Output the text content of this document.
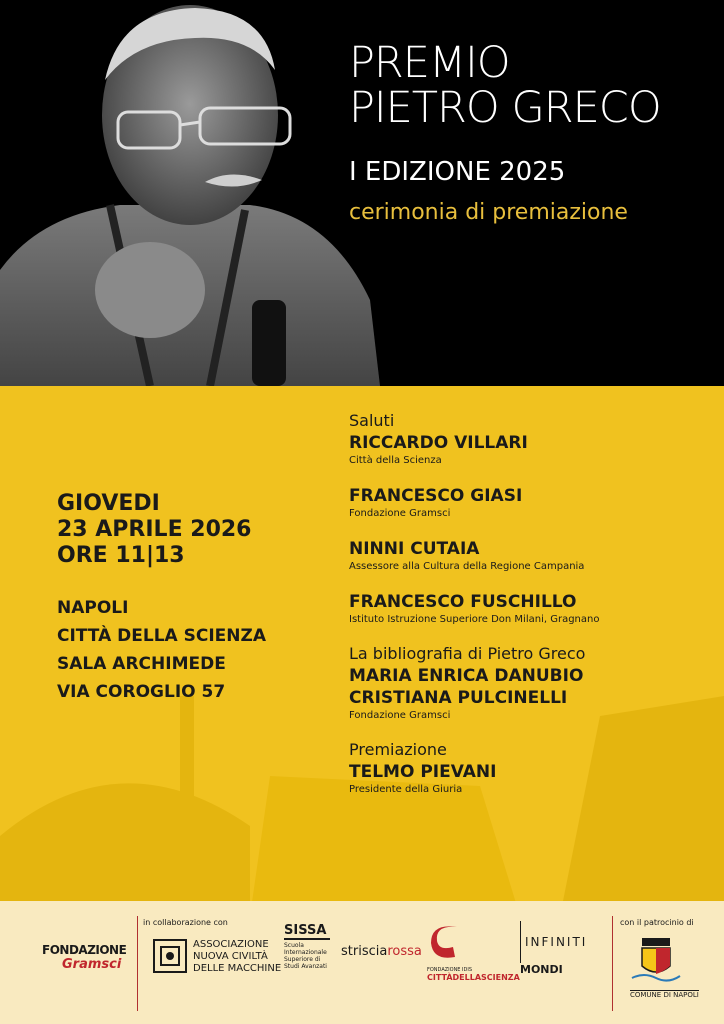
PREMIO
PIETRO GRECO
I EDIZIONE 2025
cerimonia di premiazione
GIOVEDI
23 APRILE 2026
ORE 11|13
NAPOLI
CITTÀ DELLA SCIENZA
SALA ARCHIMEDE
VIA COROGLIO 57
Saluti
RICCARDO VILLARI
Città della Scienza
FRANCESCO GIASI
Fondazione Gramsci
NINNI CUTAIA
Assessore alla Cultura della Regione Campania
FRANCESCO FUSCHILLO
Istituto Istruzione Superiore Don Milani, Gragnano
La bibliografia di Pietro Greco
MARIA ENRICA DANUBIO
CRISTIANA PULCINELLI
Fondazione Gramsci
Premiazione
TELMO PIEVANI
Presidente della Giuria
FONDAZIONE
Gramsci
in collaborazione con
ASSOCIAZIONE
NUOVA CIVILTÀ
DELLE MACCHINE
SISSA
Scuola
Internazionale
Superiore di
Studi Avanzati
strisciarossa
FONDAZIONE IDIS
CITTÀDELLASCIENZA
INFINITI
MONDI
con il patrocinio di
COMUNE DI NAPOLI
